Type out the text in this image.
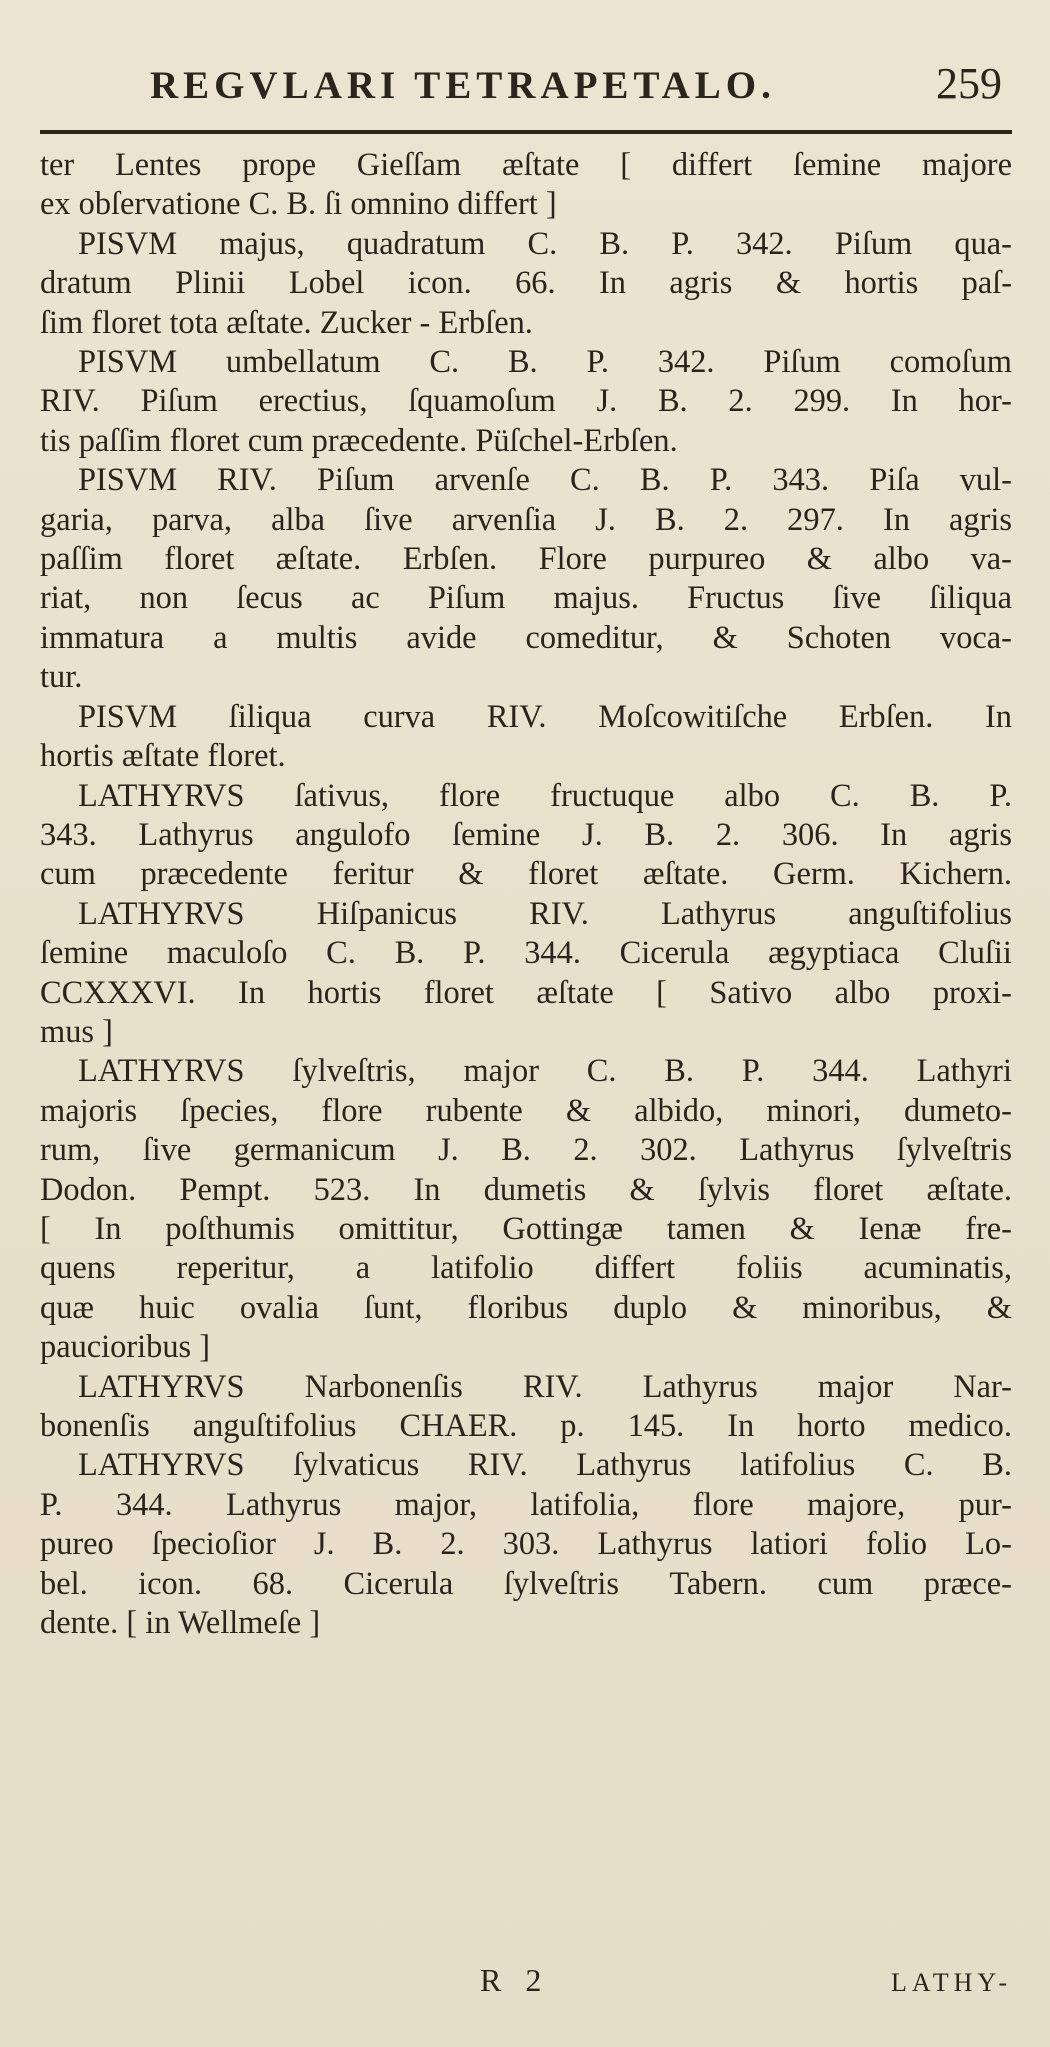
REGVLARI TETRAPETALO.	259
ter Lentes prope Gieſſam æſtate [ differt ſemine majore
ex obſervatione C. B. ſi omnino differt ]
PISVM majus, quadratum C. B. P. 342. Piſum qua-
dratum Plinii Lobel icon. 66. In agris & hortis paſ-
ſim floret tota æſtate. Zucker - Erbſen.
PISVM umbellatum C. B. P. 342. Piſum comoſum
RIV. Piſum erectius, ſquamoſum J. B. 2. 299. In hor-
tis paſſim floret cum præcedente. Püſchel-Erbſen.
PISVM RIV. Piſum arvenſe C. B. P. 343. Piſa vul-
garia, parva, alba ſive arvenſia J. B. 2. 297. In agris
paſſim floret æſtate. Erbſen. Flore purpureo & albo va-
riat, non ſecus ac Piſum majus. Fructus ſive ſiliqua
immatura a multis avide comeditur, & Schoten voca-
tur.
PISVM ſiliqua curva RIV. Moſcowitiſche Erbſen. In
hortis æſtate floret.
LATHYRVS ſativus, flore fructuque albo C. B. P.
343. Lathyrus angulofo ſemine J. B. 2. 306. In agris
cum præcedente feritur & floret æſtate. Germ. Kichern.
LATHYRVS Hiſpanicus RIV. Lathyrus anguſtifolius
ſemine maculoſo C. B. P. 344. Cicerula ægyptiaca Cluſii
CCXXXVI. In hortis floret æſtate [ Sativo albo proxi-
mus ]
LATHYRVS ſylveſtris, major C. B. P. 344. Lathyri
majoris ſpecies, flore rubente & albido, minori, dumeto-
rum, ſive germanicum J. B. 2. 302. Lathyrus ſylveſtris
Dodon. Pempt. 523. In dumetis & ſylvis floret æſtate.
[ In poſthumis omittitur, Gottingæ tamen & Ienæ fre-
quens reperitur, a latifolio differt foliis acuminatis,
quæ huic ovalia ſunt, floribus duplo & minoribus, &
paucioribus ]
LATHYRVS Narbonenſis RIV. Lathyrus major Nar-
bonenſis anguſtifolius CHAER. p. 145. In horto medico.
LATHYRVS ſylvaticus RIV. Lathyrus latifolius C. B.
P. 344. Lathyrus major, latifolia, flore majore, pur-
pureo ſpecioſior J. B. 2. 303. Lathyrus latiori folio Lo-
bel. icon. 68. Cicerula ſylveſtris Tabern. cum præce-
dente. [ in Wellmeſe ]
R 2	LATHY-
